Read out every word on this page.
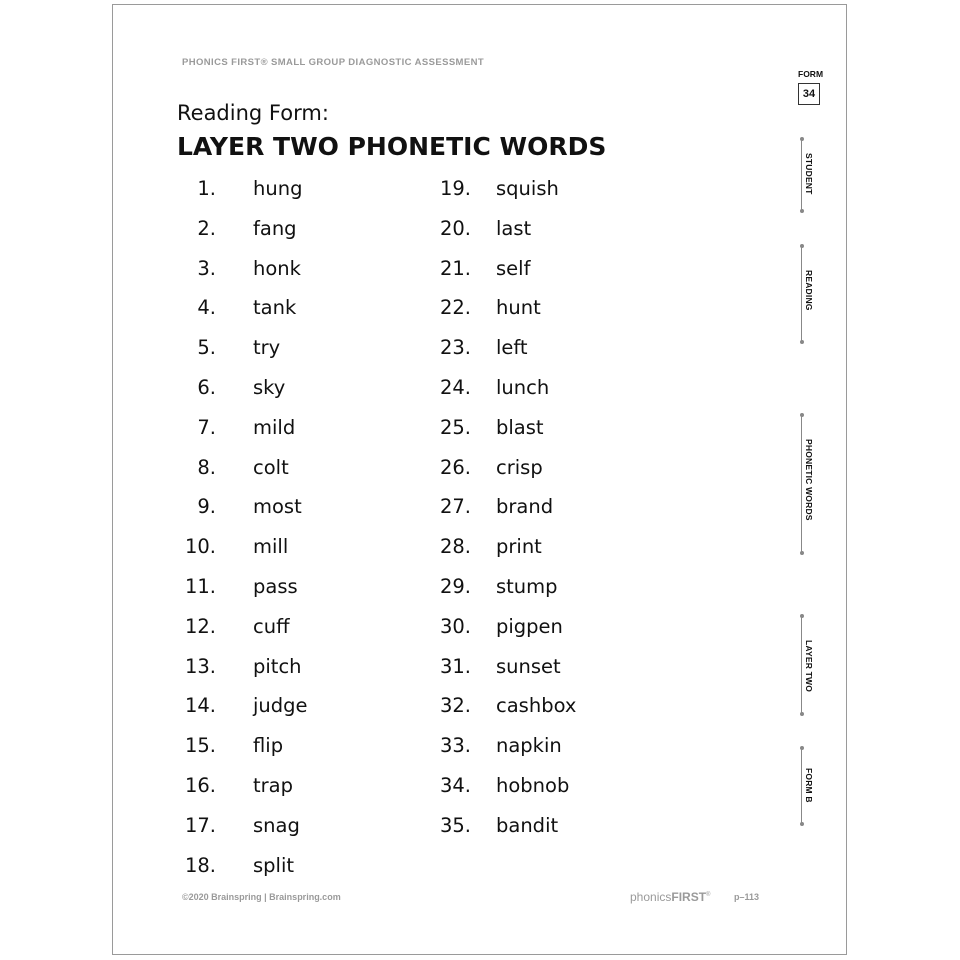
PHONICS FIRST® SMALL GROUP DIAGNOSTIC ASSESSMENT
Reading Form:
LAYER TWO PHONETIC WORDS
1. hung
2. fang
3. honk
4. tank
5. try
6. sky
7. mild
8. colt
9. most
10. mill
11. pass
12. cuff
13. pitch
14. judge
15. flip
16. trap
17. snag
18. split
19. squish
20. last
21. self
22. hunt
23. left
24. lunch
25. blast
26. crisp
27. brand
28. print
29. stump
30. pigpen
31. sunset
32. cashbox
33. napkin
34. hobnob
35. bandit
FORM
34
STUDENT
READING
PHONETIC WORDS
LAYER TWO
FORM B
©2020 Brainspring | Brainspring.com	phonicsFIRST®	p–113
